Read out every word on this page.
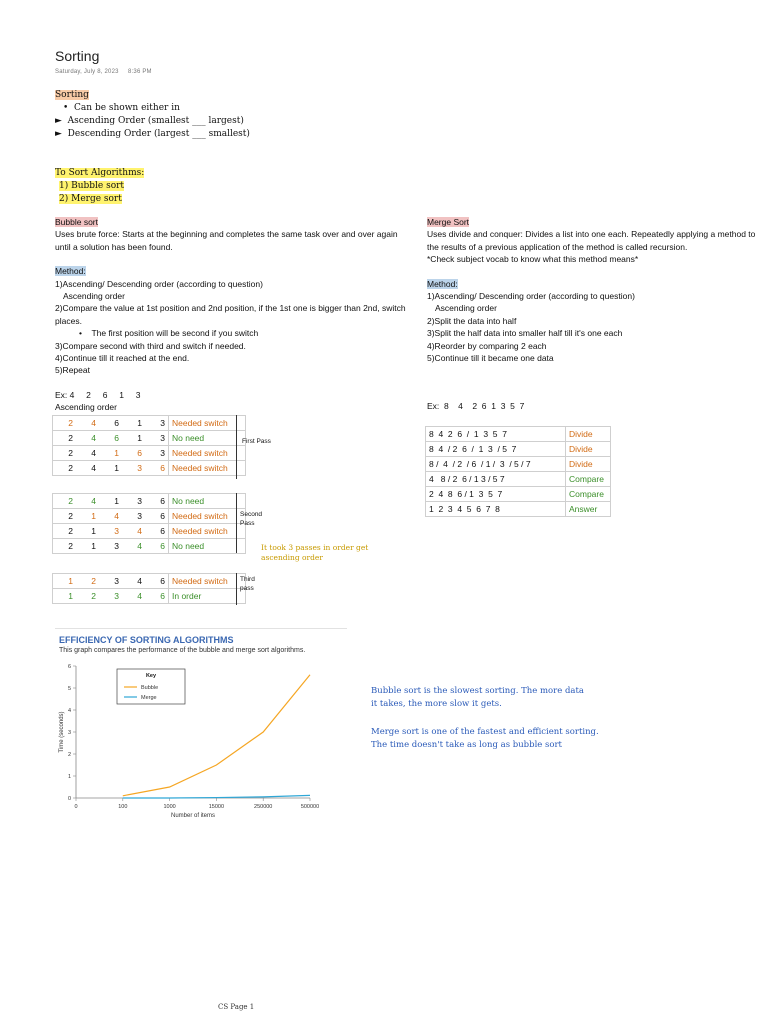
Sorting
Saturday, July 8, 2023 8:36 PM
Sorting
•  Can be shown either in
►  Ascending Order (smallest ___ largest)
►  Descending Order (largest ___ smallest)
To Sort Algorithms:
1) Bubble sort
2) Merge sort
Bubble sort
Uses brute force: Starts at the beginning and completes the same task over and over again until a solution has been found.
Method:
1)Ascending/ Descending order (according to question)
Ascending order
2)Compare the value at 1st position and 2nd position, if the 1st one is bigger than 2nd, switch places.
•    The first position will be second if you switch
3)Compare second with third and switch if needed.
4)Continue till it reached at the end.
5)Repeat
Ex: 4     2     6     1     3
Ascending order
2	4	6	1	3	Needed switch
2	4	6	1	3	No need
2	4	1	6	3	Needed switch
2	4	1	3	6	Needed switch
2	4	1	3	6	No need
2	1	4	3	6	Needed switch
2	1	3	4	6	Needed switch
2	1	3	4	6	No need
1	2	3	4	6	Needed switch
1	2	3	4	6	In order
First Pass
Second Pass
Third pass
It took 3 passes in order get ascending order
Merge Sort
Uses divide and conquer: Divides a list into one each. Repeatedly applying a method to the results of a previous application of the method is called recursion.
*Check subject vocab to know what this method means*
Method:
1)Ascending/ Descending order (according to question)
Ascending order
2)Split the data into half
3)Split the half data into smaller half till it's one each
4)Reorder by comparing 2 each
5)Continue till it became one data
Ex:  8    4    2  6  1  3  5  7
8  4  2  6  /  1  3  5  7	Divide
8  4  / 2  6  /  1  3  / 5  7	Divide
8 /  4  / 2  / 6  / 1 /  3  / 5 / 7	Divide
4   8 / 2  6 / 1 3 / 5 7	Compare
2  4  8  6 / 1  3  5  7	Compare
1  2  3  4  5  6  7  8	Answer
EFFICIENCY OF SORTING ALGORITHMS
This graph compares the performance of the bubble and merge sort algorithms.
0
1
2
3
4
5
6
0	100	1000	15000	250000	500000
Number of items
Time (seconds)
Key
Bubble
Merge
Bubble sort is the slowest sorting. The more data it takes, the more slow it gets.
Merge sort is one of the fastest and efficient sorting. The time doesn't take as long as bubble sort
CS Page 1
